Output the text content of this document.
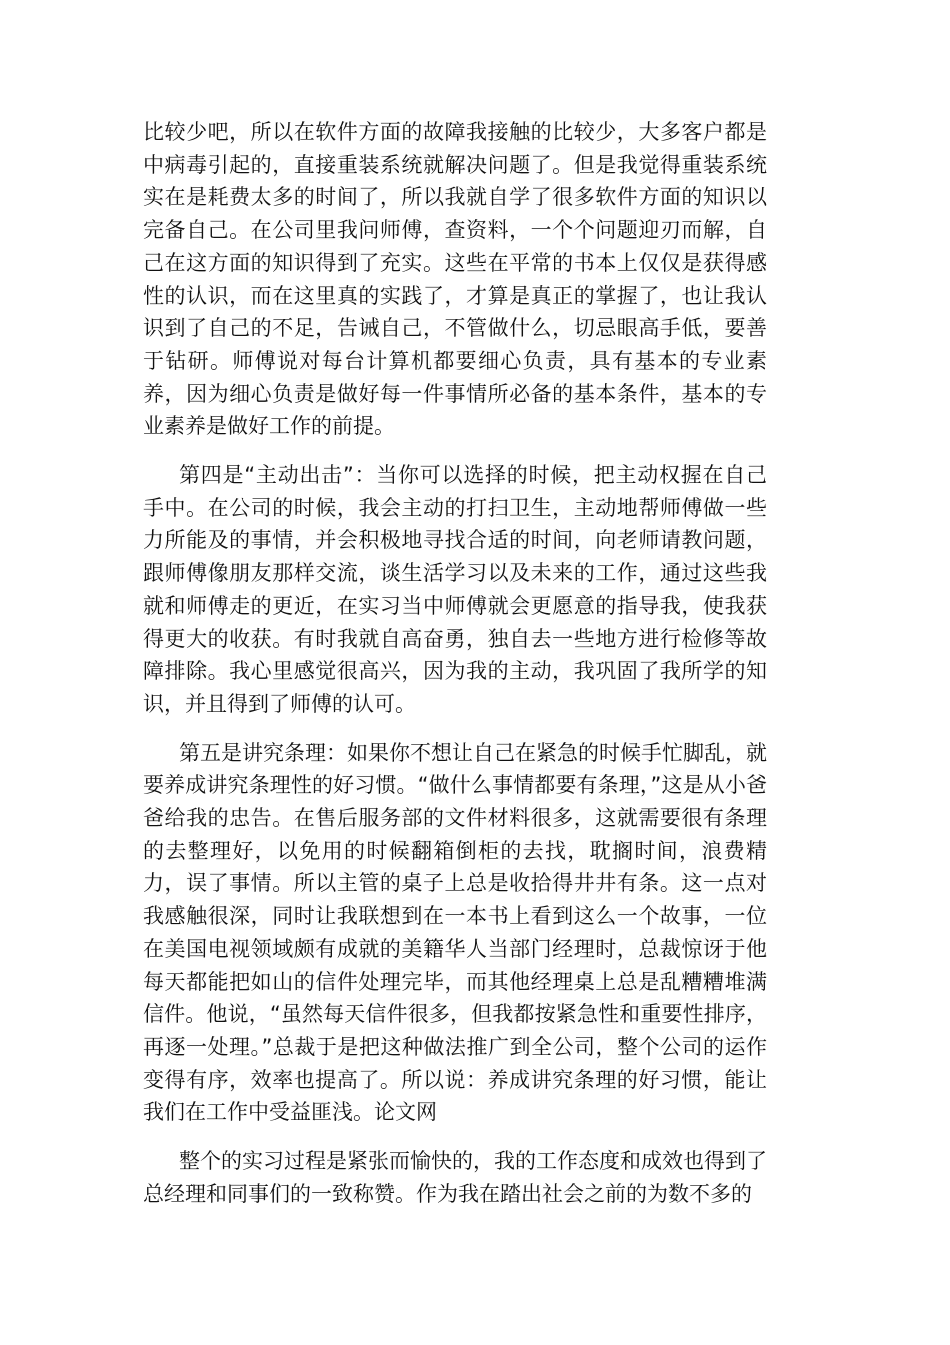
比较少吧，所以在软件方面的故障我接触的比较少，大多客户都是中病毒引起的，直接重装系统就解决问题了。但是我觉得重装系统实在是耗费太多的时间了，所以我就自学了很多软件方面的知识以完备自己。在公司里我问师傅，查资料，一个个问题迎刃而解，自己在这方面的知识得到了充实。这些在平常的书本上仅仅是获得感性的认识，而在这里真的实践了，才算是真正的掌握了，也让我认识到了自己的不足，告诫自己，不管做什么，切忌眼高手低，要善于钻研。师傅说对每台计算机都要细心负责，具有基本的专业素养，因为细心负责是做好每一件事情所必备的基本条件，基本的专业素养是做好工作的前提。

第四是“主动出击”：当你可以选择的时候，把主动权握在自己手中。在公司的时候，我会主动的打扫卫生，主动地帮师傅做一些力所能及的事情，并会积极地寻找合适的时间，向老师请教问题，跟师傅像朋友那样交流，谈生活学习以及未来的工作，通过这些我就和师傅走的更近，在实习当中师傅就会更愿意的指导我，使我获得更大的收获。有时我就自高奋勇，独自去一些地方进行检修等故障排除。我心里感觉很高兴，因为我的主动，我巩固了我所学的知识，并且得到了师傅的认可。

第五是讲究条理：如果你不想让自己在紧急的时候手忙脚乱，就要养成讲究条理性的好习惯。“做什么事情都要有条理，”这是从小爸爸给我的忠告。在售后服务部的文件材料很多，这就需要很有条理的去整理好，以免用的时候翻箱倒柜的去找，耽搁时间，浪费精力，误了事情。所以主管的桌子上总是收拾得井井有条。这一点对我感触很深，同时让我联想到在一本书上看到这么一个故事，一位在美国电视领域颇有成就的美籍华人当部门经理时，总裁惊讶于他每天都能把如山的信件处理完毕，而其他经理桌上总是乱糟糟堆满信件。他说，“虽然每天信件很多，但我都按紧急性和重要性排序，再逐一处理。”总裁于是把这种做法推广到全公司，整个公司的运作变得有序，效率也提高了。所以说：养成讲究条理的好习惯，能让我们在工作中受益匪浅。论文网

整个的实习过程是紧张而愉快的，我的工作态度和成效也得到了总经理和同事们的一致称赞。作为我在踏出社会之前的为数不多的
